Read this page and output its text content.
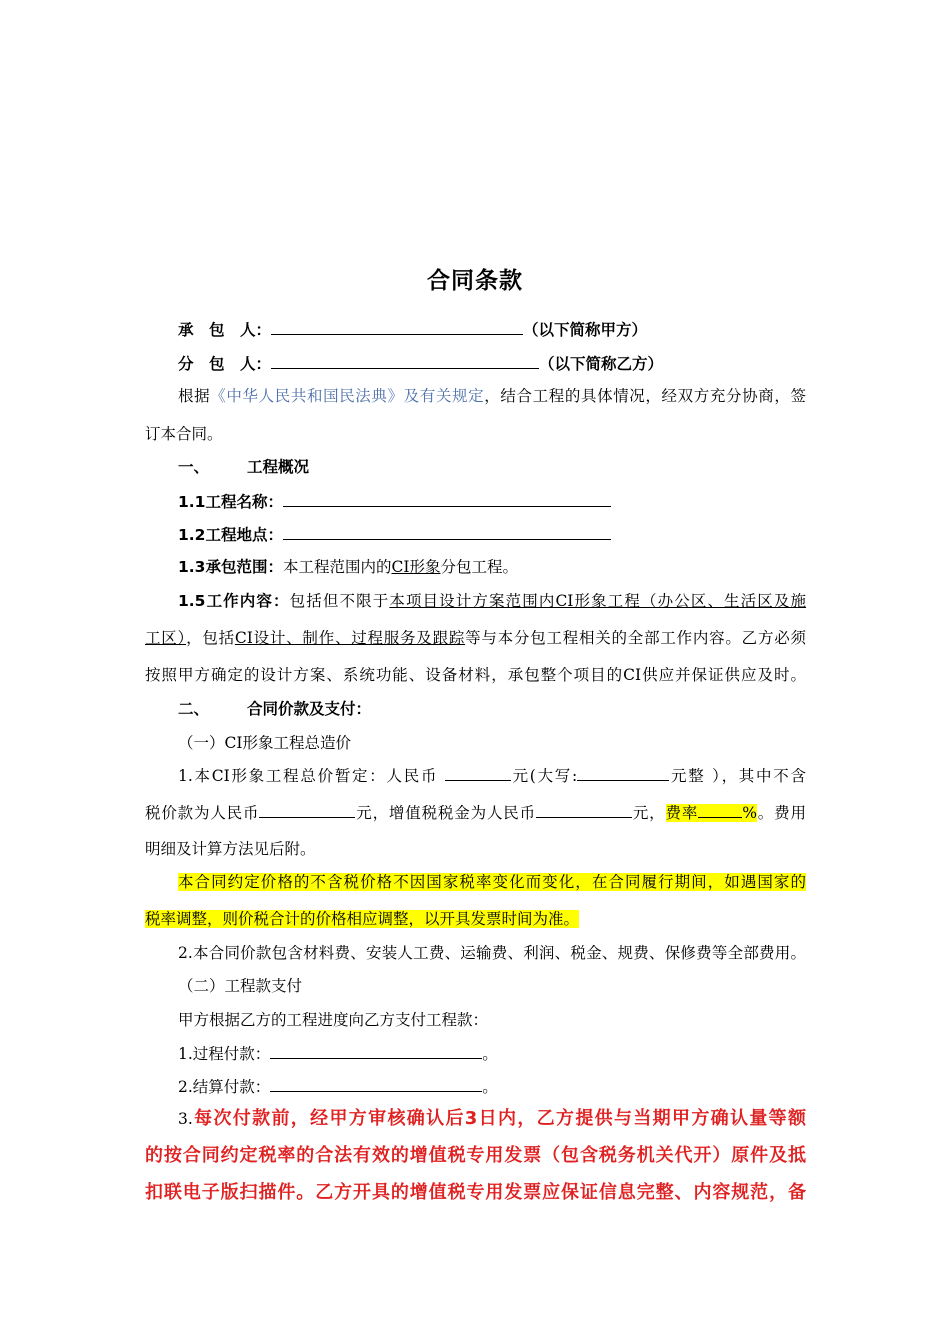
合同条款
承　包　人：	（以下简称甲方）
分　包　人：	（以下简称乙方）
根据《中华人民共和国民法典》及有关规定，结合工程的具体情况，经双方充分协商，签
订本合同。
一、 工程概况
1.1工程名称：
1.2工程地点：
1.3承包范围：本工程范围内的CI形象分包工程。
1.5工作内容：包括但不限于本项目设计方案范围内CI形象工程（办公区、生活区及施
工区），包括CI设计、制作、过程服务及跟踪等与本分包工程相关的全部工作内容。乙方必须
按照甲方确定的设计方案、系统功能、设备材料，承包整个项目的CI供应并保证供应及时。
二、 合同价款及支付：
（一）CI形象工程总造价
1.本CI形象工程总价暂定：人民币	元(大写:	元整 ），其中不含
税价款为人民币	元，增值税税金为人民币	元，费率	%。费用
明细及计算方法见后附。
本合同约定价格的不含税价格不因国家税率变化而变化，在合同履行期间，如遇国家的
税率调整，则价税合计的价格相应调整，以开具发票时间为准。
2.本合同价款包含材料费、安装人工费、运输费、利润、税金、规费、保修费等全部费用。
（二）工程款支付
甲方根据乙方的工程进度向乙方支付工程款：
1.过程付款：	。
2.结算付款：	。
3.每次付款前，经甲方审核确认后3日内，乙方提供与当期甲方确认量等额
的按合同约定税率的合法有效的增值税专用发票（包含税务机关代开）原件及抵
扣联电子版扫描件。乙方开具的增值税专用发票应保证信息完整、内容规范，备
